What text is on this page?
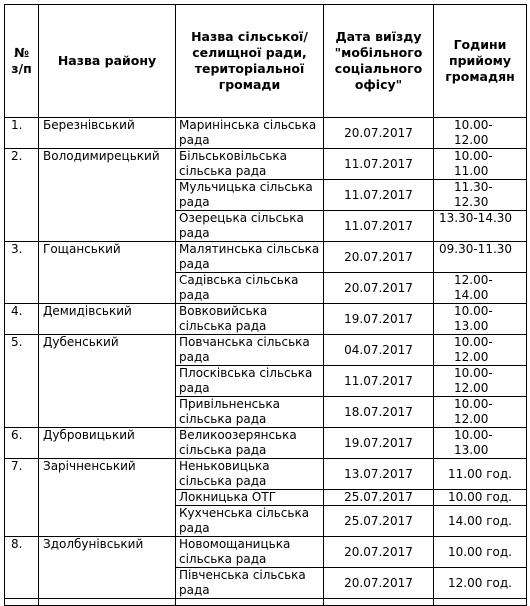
№ з/п	Назва району	Назва сільської/ селищної ради, територіальної громади	Дата виїзду "мобільного соціального офісу"	Години прийому громадян
1.	Березнівський	Маринінська сільська рада	20.07.2017	10.00-12.00
2.	Володимирецький	Більськовільська сільська рада	11.07.2017	10.00-11.00
		Мульчицька сільська рада	11.07.2017	11.30-12.30
		Озерецька сільська рада	11.07.2017	13.30-14.30
3.	Гощанський	Малятинська сільська рада	20.07.2017	09.30-11.30
		Садівська сільська рада	20.07.2017	12.00-14.00
4.	Демидівський	Вовковийська сільська рада	19.07.2017	10.00-13.00
5.	Дубенський	Повчанська сільська рада	04.07.2017	10.00-12.00
		Плосківська сільська рада	11.07.2017	10.00-12.00
		Привільненська сільська рада	18.07.2017	10.00-12.00
6.	Дубровицький	Великоозерянська сільська рада	19.07.2017	10.00-13.00
7.	Зарічненський	Неньковицька сільська рада	13.07.2017	11.00 год.
		Локницька ОТГ	25.07.2017	10.00 год.
		Кухченська сільська рада	25.07.2017	14.00 год.
8.	Здолбунівський	Новомощаницька сільська рада	20.07.2017	10.00 год.
		Півченська сільська рада	20.07.2017	12.00 год.
